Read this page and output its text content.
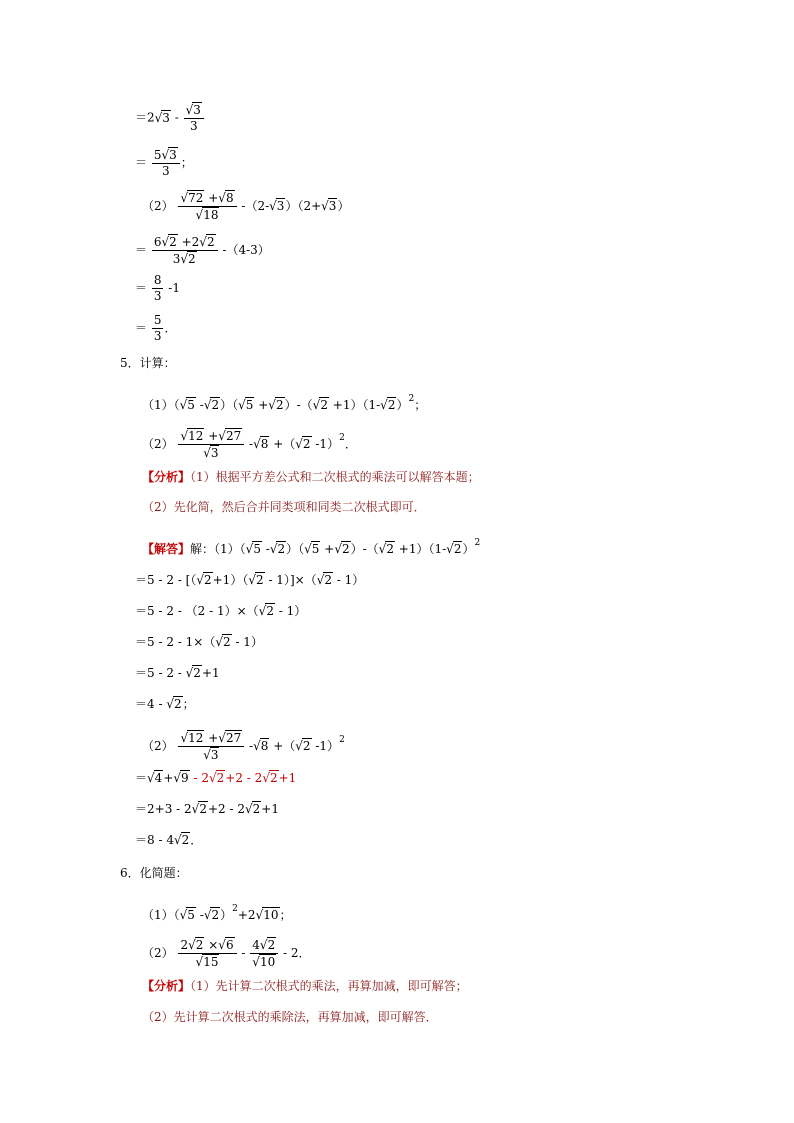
$=2√3 - \frac{√3}{3}$
＝ $\frac{5√3}{3}$ ；
$(2) \frac{√72 +√8}{√18} -(2-√3)(2+√3)$
＝ $\frac{6√2 +2√2}{3√2} -(4-3)$
＝ $\frac{8}{3} -1$
＝ $\frac{5}{3}$ ．
5．计算：
（1）（√5 $-√2)(√5 +√2)-(√2 +1)(1-√2)^2$；
$(2) \frac{√12 +√27}{√3} -√8 +(√2$ -1）$^2$．
【分析】（1）根据平方差公式和二次根式的乘法可以解答本题；
（2）先化简，然后合并同类项和同类二次根式即可．
【解答】解：（1）（√5 $-√2)(√5 +√2)-(√2 +1)(1-√2)^2$
＝5 - 2 - [（√2+1）（√2 - 1）]×（√2 - 1）
＝5 - 2 - （2 - 1）×（√2 - 1）
＝5 - 2 - 1×（√2 - 1）
＝5 - 2 - √2+1
＝4 - √2；
$(2) \frac{√12 +√27}{√3} -√8 +(√2$ -1）$^2$
＝√4+√9 - 2√2+2 - 2√2+1
＝2+3 - 2√2+2 - 2√2+1
＝8 - 4√2．
6．化简题：
（1）（√5 -√2）$^2$+2√10；
$(2) \frac{2√2 \times√6}{√15} - \frac{4√2}{√10} - 2$．
【分析】（1）先计算二次根式的乘法，再算加减，即可解答；
（2）先计算二次根式的乘除法，再算加减，即可解答．
